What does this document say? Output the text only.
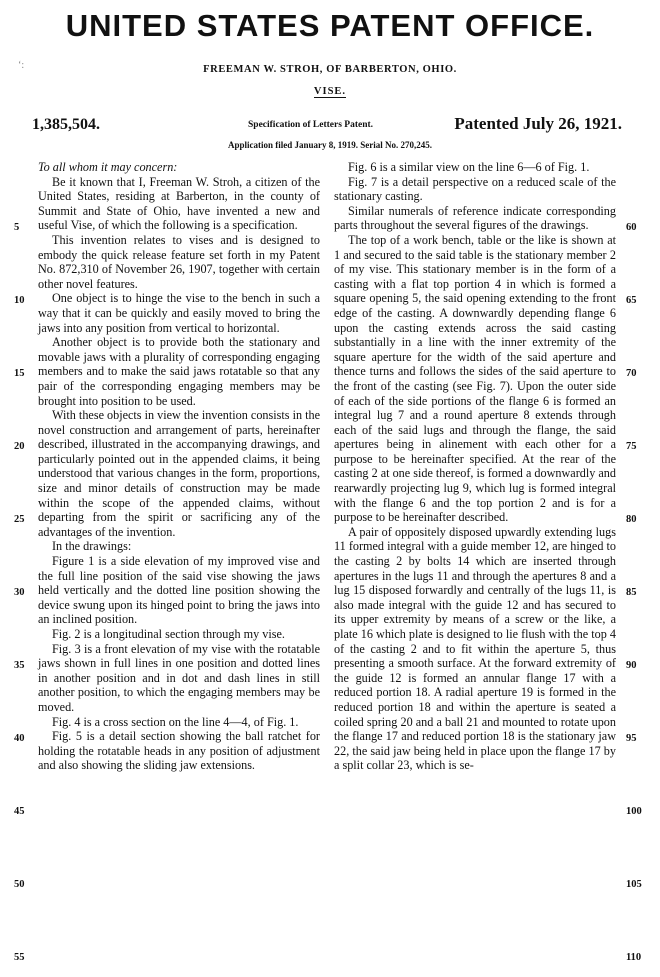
UNITED STATES PATENT OFFICE.
‘:	FREEMAN W. STROH, OF BARBERTON, OHIO.
VISE.
1,385,504.	Specification of Letters Patent.	Patented July 26, 1921.
Application filed January 8, 1919. Serial No. 270,245.

To all whom it may concern:

Be it known that I, Freeman W. Stroh, a citizen of the United States, residing at Barberton, in the county of Summit and State of Ohio, have invented a new and useful Vise, of which the following is a specification.

This invention relates to vises and is designed to embody the quick release feature set forth in my Patent No. 872,310 of November 26, 1907, together with certain other novel features.

One object is to hinge the vise to the bench in such a way that it can be quickly and easily moved to bring the jaws into any position from vertical to horizontal.

Another object is to provide both the stationary and movable jaws with a plurality of corresponding engaging members and to make the said jaws rotatable so that any pair of the corresponding engaging members may be brought into position to be used.

With these objects in view the invention consists in the novel construction and arrangement of parts, hereinafter described, illustrated in the accompanying drawings, and particularly pointed out in the appended claims, it being understood that various changes in the form, proportions, size and minor details of construction may be made within the scope of the appended claims, without departing from the spirit or sacrificing any of the advantages of the invention.

In the drawings:

Figure 1 is a side elevation of my improved vise and the full line position of the said vise showing the jaws held vertically and the dotted line position showing the device swung upon its hinged point to bring the jaws into an inclined position.

Fig. 2 is a longitudinal section through my vise.

Fig. 3 is a front elevation of my vise with the rotatable jaws shown in full lines in one position and dotted lines in another position and in dot and dash lines in still another position, to which the engaging members may be moved.

Fig. 4 is a cross section on the line 4—4, of Fig. 1.

Fig. 5 is a detail section showing the ball ratchet for holding the rotatable heads in any position of adjustment and also showing the sliding jaw extensions.

Fig. 6 is a similar view on the line 6—6 of Fig. 1.

Fig. 7 is a detail perspective on a reduced scale of the stationary casting.

Similar numerals of reference indicate corresponding parts throughout the several figures of the drawings.

The top of a work bench, table or the like is shown at 1 and secured to the said table is the stationary member 2 of my vise. This stationary member is in the form of a casting with a flat top portion 4 in which is formed a square opening 5, the said opening extending to the front edge of the casting. A downwardly depending flange 6 upon the casting extends across the said casting substantially in a line with the inner extremity of the square aperture for the width of the said aperture and thence turns and follows the sides of the said aperture to the front of the casting (see Fig. 7). Upon the outer side of each of the side portions of the flange 6 is formed an integral lug 7 and a round aperture 8 extends through each of the said lugs and through the flange, the said apertures being in alinement with each other for a purpose to be hereinafter specified. At the rear of the casting 2 at one side thereof, is formed a downwardly and rearwardly projecting lug 9, which lug is formed integral with the flange 6 and the top portion 2 and is for a purpose to be hereinafter described.

A pair of oppositely disposed upwardly extending lugs 11 formed integral with a guide member 12, are hinged to the casting 2 by bolts 14 which are inserted through apertures in the lugs 11 and through the apertures 8 and a lug 15 disposed forwardly and centrally of the lugs 11, is also made integral with the guide 12 and has secured to its upper extremity by means of a screw or the like, a plate 16 which plate is designed to lie flush with the top 4 of the casting 2 and to fit within the aperture 5, thus presenting a smooth surface. At the forward extremity of the guide 12 is formed an annular flange 17 with a reduced portion 18. A radial aperture 19 is formed in the reduced portion 18 and within the aperture is seated a coiled spring 20 and a ball 21 and mounted to rotate upon the flange 17 and reduced portion 18 is the stationary jaw 22, the said jaw being held in place upon the flange 17 by a split collar 23, which is se-

5
10
15
20
25
30
35
40
45
50
55
60
65
70
75
80
85
90
95
100
105
110
